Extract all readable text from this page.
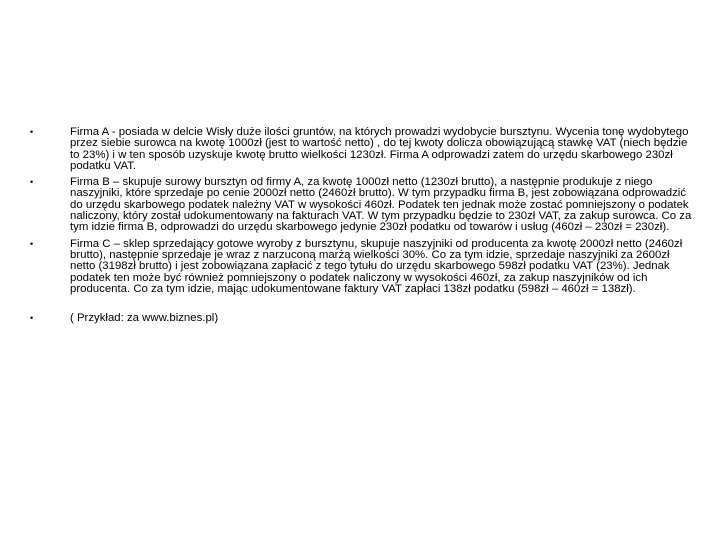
•	Firma A - posiada w delcie Wisły duże ilości gruntów, na których prowadzi wydobycie bursztynu. Wycenia tonę wydobytego przez siebie surowca na kwotę 1000zł (jest to wartość netto) , do tej kwoty dolicza obowiązującą stawkę VAT (niech będzie to 23%) i w ten sposób uzyskuje kwotę brutto wielkości 1230zł. Firma A odprowadzi zatem do urzędu skarbowego 230zł podatku VAT.
•	Firma B – skupuje surowy bursztyn od firmy A, za kwotę 1000zł netto (1230zł brutto), a następnie produkuje z niego naszyjniki, które sprzedaje po cenie 2000zł netto (2460zł brutto). W tym przypadku firma B, jest zobowiązana odprowadzić do urzędu skarbowego podatek należny VAT w wysokości 460zł. Podatek ten jednak może zostać pomniejszony o podatek naliczony, który został udokumentowany na fakturach VAT. W tym przypadku będzie to 230zł VAT, za zakup surowca. Co za tym idzie firma B, odprowadzi do urzędu skarbowego jedynie 230zł podatku od towarów i usług (460zł – 230zł = 230zł).
•	Firma C – sklep sprzedający gotowe wyroby z bursztynu, skupuje naszyjniki od producenta za kwotę 2000zł netto (2460zł brutto), następnie sprzedaje je wraz z narzuconą marżą wielkości 30%. Co za tym idzie, sprzedaje naszyjniki za 2600zł netto (3198zł brutto) i jest zobowiązana zapłacić z tego tytułu do urzędu skarbowego 598zł podatku VAT (23%). Jednak podatek ten może być również pomniejszony o podatek naliczony w wysokości 460zł, za zakup naszyjników od ich producenta. Co za tym idzie, mając udokumentowane faktury VAT zapłaci 138zł podatku (598zł – 460zł = 138zł).
•	( Przykład: za www.biznes.pl)
